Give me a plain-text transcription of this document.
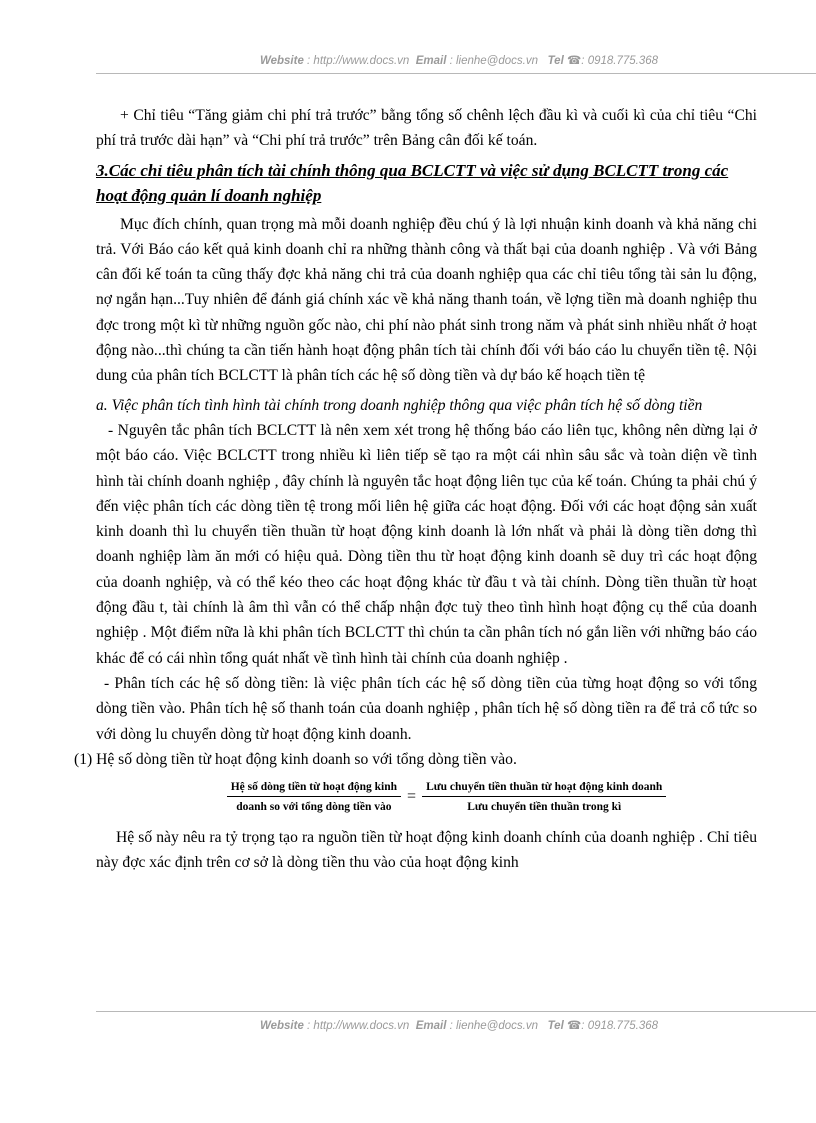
Website : http://www.docs.vn Email : lienhe@docs.vn Tel ☎: 0918.775.368

+ Chỉ tiêu “Tăng giảm chi phí trả trước” bằng tổng số chênh lệch đầu kì và cuối kì của chỉ tiêu “Chi phí trả trước dài hạn” và “Chi phí trả trước” trên Bảng cân đối kế toán.

3.Các chỉ tiêu phân tích tài chính thông qua BCLCTT và việc sử dụng BCLCTT trong các hoạt động quản lí doanh nghiệp

Mục đích chính, quan trọng mà mỗi doanh nghiệp đều chú ý là lợi nhuận kinh doanh và khả năng chi trả. Với Báo cáo kết quả kinh doanh chỉ ra những thành công và thất bại của doanh nghiệp . Và với Bảng cân đối kế toán ta cũng thấy đợc khả năng chi trả của doanh nghiệp qua các chỉ tiêu tổng tài sản lu động, nợ ngắn hạn...Tuy nhiên để đánh giá chính xác về khả năng thanh toán, về lợng tiền mà doanh nghiệp thu đợc trong một kì từ những nguồn gốc nào, chi phí nào phát sinh trong năm và phát sinh nhiều nhất ở hoạt động nào...thì chúng ta cần tiến hành hoạt động phân tích tài chính đối với báo cáo lu chuyển tiền tệ. Nội dung của phân tích BCLCTT là phân tích các hệ số dòng tiền và dự báo kế hoạch tiền tệ

a. Việc phân tích tình hình tài chính trong doanh nghiệp thông qua việc phân tích hệ số dòng tiền

- Nguyên tắc phân tích BCLCTT là nên xem xét trong hệ thống báo cáo liên tục, không nên dừng lại ở một báo cáo. Việc BCLCTT trong nhiều kì liên tiếp sẽ tạo ra một cái nhìn sâu sắc và toàn diện về tình hình tài chính doanh nghiệp , đây chính là nguyên tắc hoạt động liên tục của kế toán. Chúng ta phải chú ý đến việc phân tích các dòng tiền tệ trong mối liên hệ giữa các hoạt động. Đối với các hoạt động sản xuất kinh doanh thì lu chuyển tiền thuần từ hoạt động kinh doanh là lớn nhất và phải là dòng tiền dơng thì doanh nghiệp làm ăn mới có hiệu quả. Dòng tiền thu từ hoạt động kinh doanh sẽ duy trì các hoạt động của doanh nghiệp, và có thể kéo theo các hoạt động khác từ đầu t và tài chính. Dòng tiền thuần từ hoạt động đầu t, tài chính là âm thì vẫn có thể chấp nhận đợc tuỳ theo tình hình hoạt động cụ thể của doanh nghiệp . Một điểm nữa là khi phân tích BCLCTT thì chún ta cần phân tích nó gắn liền với những báo cáo khác để có cái nhìn tổng quát nhất về tình hình tài chính của doanh nghiệp .

- Phân tích các hệ số dòng tiền: là việc phân tích các hệ số dòng tiền của từng hoạt động so với tổng dòng tiền vào. Phân tích hệ số thanh toán của doanh nghiệp , phân tích hệ số dòng tiền ra để trả cổ tức so với dòng lu chuyển dòng từ hoạt động kinh doanh.

(1) Hệ số dòng tiền từ hoạt động kinh doanh so với tổng dòng tiền vào.

$\frac{\text{Hệ số dòng tiền từ hoạt động kinh}}{\text{doanh so với tổng dòng tiền vào}} = \frac{\text{Lưu chuyển tiền thuần từ hoạt động kinh doanh}}{\text{Lưu chuyển tiền thuần trong kì}}$

Hệ số này nêu ra tỷ trọng tạo ra nguồn tiền từ hoạt động kinh doanh chính của doanh nghiệp . Chỉ tiêu này đợc xác định trên cơ sở là dòng tiền thu vào của hoạt động kinh

Website : http://www.docs.vn Email : lienhe@docs.vn Tel ☎: 0918.775.368
